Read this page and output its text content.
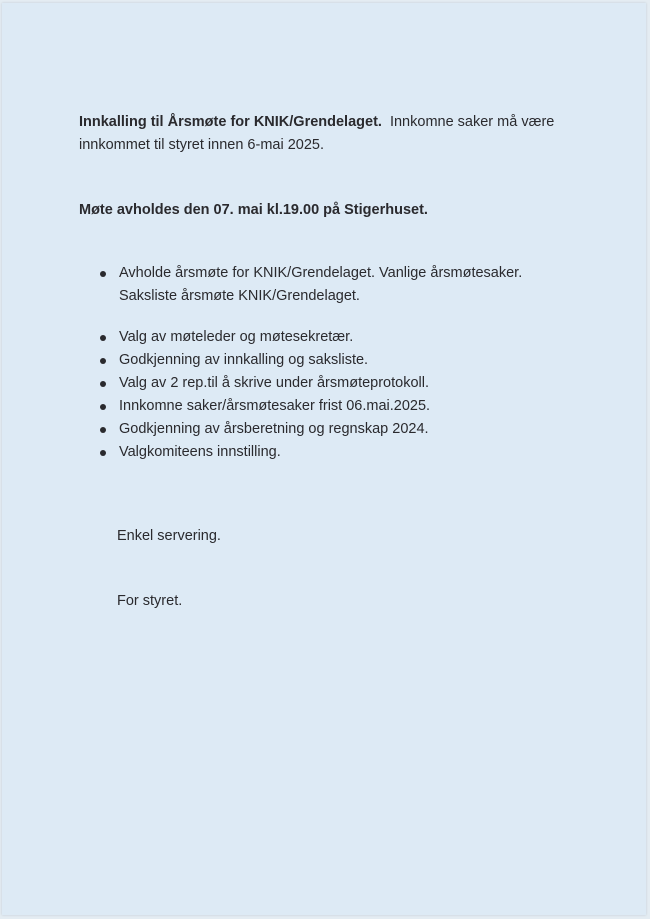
Innkalling til Årsmøte for KNIK/Grendelaget. Innkomne saker må være
innkommet til styret innen 6-mai 2025.
Møte avholdes den 07. mai kl.19.00 på Stigerhuset.
Avholde årsmøte for KNIK/Grendelaget. Vanlige årsmøtesaker.
Saksliste årsmøte KNIK/Grendelaget.
Valg av møteleder og møtesekretær.
Godkjenning av innkalling og saksliste.
Valg av 2 rep.til å skrive under årsmøteprotokoll.
Innkomne saker/årsmøtesaker frist 06.mai.2025.
Godkjenning av årsberetning og regnskap 2024.
Valgkomiteens innstilling.
Enkel servering.
For styret.
